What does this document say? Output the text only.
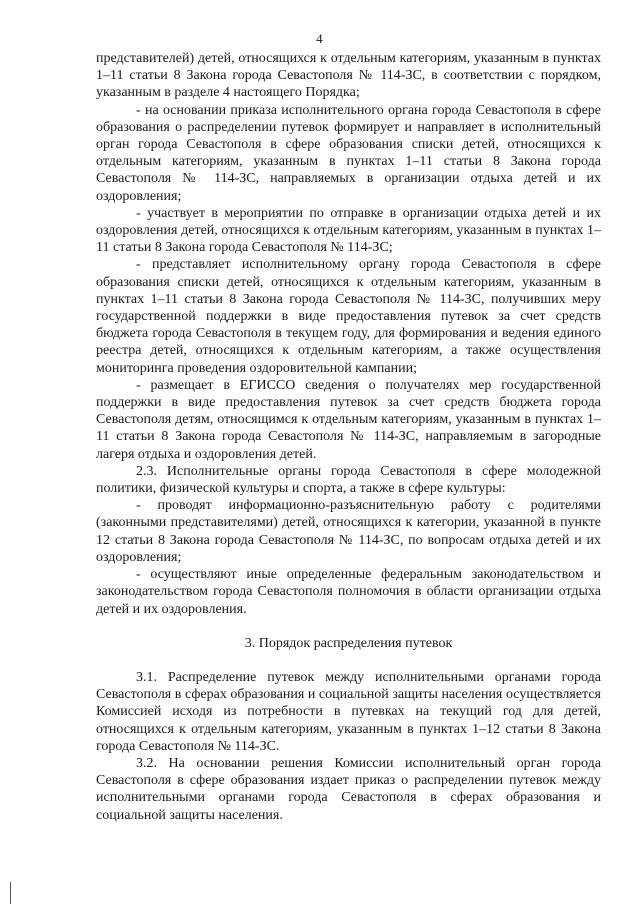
4

представителей) детей, относящихся к отдельным категориям, указанным в пунктах 1–11 статьи 8 Закона города Севастополя № 114-ЗС, в соответствии с порядком, указанным в разделе 4 настоящего Порядка;

- на основании приказа исполнительного органа города Севастополя в сфере образования о распределении путевок формирует и направляет в исполнительный орган города Севастополя в сфере образования списки детей, относящихся к отдельным категориям, указанным в пунктах 1–11 статьи 8 Закона города Севастополя № 114-ЗС, направляемых в организации отдыха детей и их оздоровления;

- участвует в мероприятии по отправке в организации отдыха детей и их оздоровления детей, относящихся к отдельным категориям, указанным в пунктах 1–11 статьи 8 Закона города Севастополя № 114-ЗС;

- представляет исполнительному органу города Севастополя в сфере образования списки детей, относящихся к отдельным категориям, указанным в пунктах 1–11 статьи 8 Закона города Севастополя № 114-ЗС, получивших меру государственной поддержки в виде предоставления путевок за счет средств бюджета города Севастополя в текущем году, для формирования и ведения единого реестра детей, относящихся к отдельным категориям, а также осуществления мониторинга проведения оздоровительной кампании;

- размещает в ЕГИССО сведения о получателях мер государственной поддержки в виде предоставления путевок за счет средств бюджета города Севастополя детям, относящимся к отдельным категориям, указанным в пунктах 1–11 статьи 8 Закона города Севастополя № 114-ЗС, направляемым в загородные лагеря отдыха и оздоровления детей.

2.3. Исполнительные органы города Севастополя в сфере молодежной политики, физической культуры и спорта, а также в сфере культуры:

- проводят информационно-разъяснительную работу с родителями (законными представителями) детей, относящихся к категории, указанной в пункте 12 статьи 8 Закона города Севастополя № 114-ЗС, по вопросам отдыха детей и их оздоровления;

- осуществляют иные определенные федеральным законодательством и законодательством города Севастополя полномочия в области организации отдыха детей и их оздоровления.

3. Порядок распределения путевок

3.1. Распределение путевок между исполнительными органами города Севастополя в сферах образования и социальной защиты населения осуществляется Комиссией исходя из потребности в путевках на текущий год для детей, относящихся к отдельным категориям, указанным в пунктах 1–12 статьи 8 Закона города Севастополя № 114-ЗС.

3.2. На основании решения Комиссии исполнительный орган города Севастополя в сфере образования издает приказ о распределении путевок между исполнительными органами города Севастополя в сферах образования и социальной защиты населения.
